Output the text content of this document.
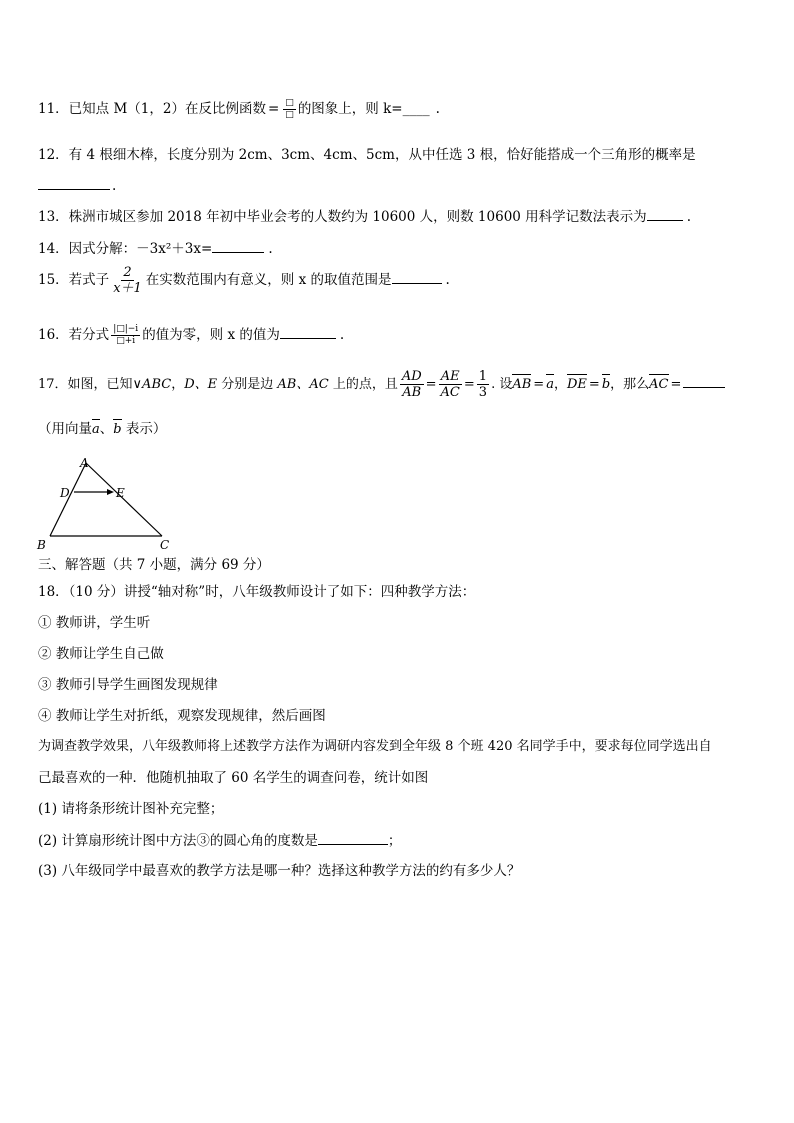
11．已知点 M（1，2）在反比例函数 = $\frac{□}{□}$ 的图象上，则 k=____ .
12．有 4 根细木棒，长度分别为 2cm、3cm、4cm、5cm，从中任选 3 根，恰好能搭成一个三角形的概率是
.
13．株洲市城区参加 2018 年初中毕业会考的人数约为 10600 人，则数 10600 用科学记数法表示为	.
14．因式分解：－3x²＋3x=	.
15．若式子 $\frac{2}{x+1}$ 在实数范围内有意义，则 x 的取值范围是	.
16．若分式 $\frac{|□|-i}{□+i}$ 的值为零，则 x 的值为	.
17．如图，已知∨ABC，D、E 分别是边 AB、AC 上的点，且 $\frac{AD}{AB} = \frac{AE}{AC} = \frac{1}{3}$ . 设AB = a，DE = b，那么AC =
（用向量a、b 表示）
A
B	C
D	E
三、解答题（共 7 小题，满分 69 分）
18．（10 分）讲授“轴对称”时，八年级教师设计了如下：四种教学方法：
① 教师讲，学生听
② 教师让学生自己做
③ 教师引导学生画图发现规律
④ 教师让学生对折纸，观察发现规律，然后画图
为调查教学效果，八年级教师将上述教学方法作为调研内容发到全年级 8 个班 420 名同学手中，要求每位同学选出自
己最喜欢的一种．他随机抽取了 60 名学生的调查问卷，统计如图
(1) 请将条形统计图补充完整；
(2) 计算扇形统计图中方法③的圆心角的度数是	；
(3) 八年级同学中最喜欢的教学方法是哪一种？选择这种教学方法的约有多少人？
